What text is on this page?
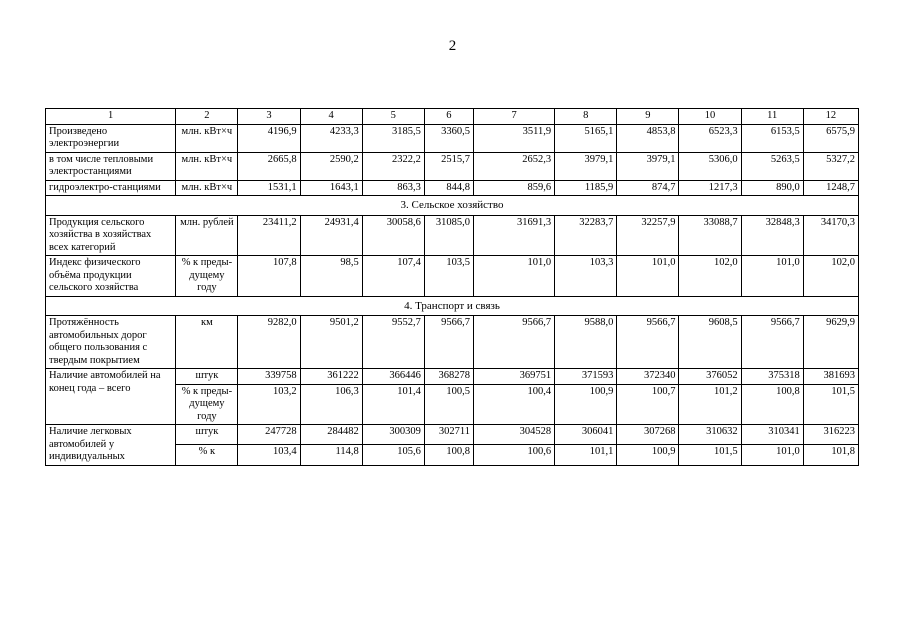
2
1	2	3	4	5	6	7	8	9	10	11	12
Произведено электроэнергии	млн. кВт×ч	4196,9	4233,3	3185,5	3360,5	3511,9	5165,1	4853,8	6523,3	6153,5	6575,9
в том числе тепловыми электростанциями	млн. кВт×ч	2665,8	2590,2	2322,2	2515,7	2652,3	3979,1	3979,1	5306,0	5263,5	5327,2
гидроэлектро-станциями	млн. кВт×ч	1531,1	1643,1	863,3	844,8	859,6	1185,9	874,7	1217,3	890,0	1248,7
3. Сельское хозяйство											
Продукция сельского хозяйства в хозяйствах всех категорий	млн. рублей	23411,2	24931,4	30058,6	31085,0	31691,3	32283,7	32257,9	33088,7	32848,3	34170,3
Индекс физического объёма продукции сельского хозяйства	% к преды-дущему году	107,8	98,5	107,4	103,5	101,0	103,3	101,0	102,0	101,0	102,0
4. Транспорт и связь											
Протяжённость автомобильных дорог общего пользования с твердым покрытием	км	9282,0	9501,2	9552,7	9566,7	9566,7	9588,0	9566,7	9608,5	9566,7	9629,9
Наличие автомобилей на конец года – всего	штук	339758	361222	366446	368278	369751	371593	372340	376052	375318	381693
	% к преды-дущему году	103,2	106,3	101,4	100,5	100,4	100,9	100,7	101,2	100,8	101,5
Наличие легковых автомобилей у индивидуальных	штук	247728	284482	300309	302711	304528	306041	307268	310632	310341	316223
	% к	103,4	114,8	105,6	100,8	100,6	101,1	100,9	101,5	101,0	101,8
